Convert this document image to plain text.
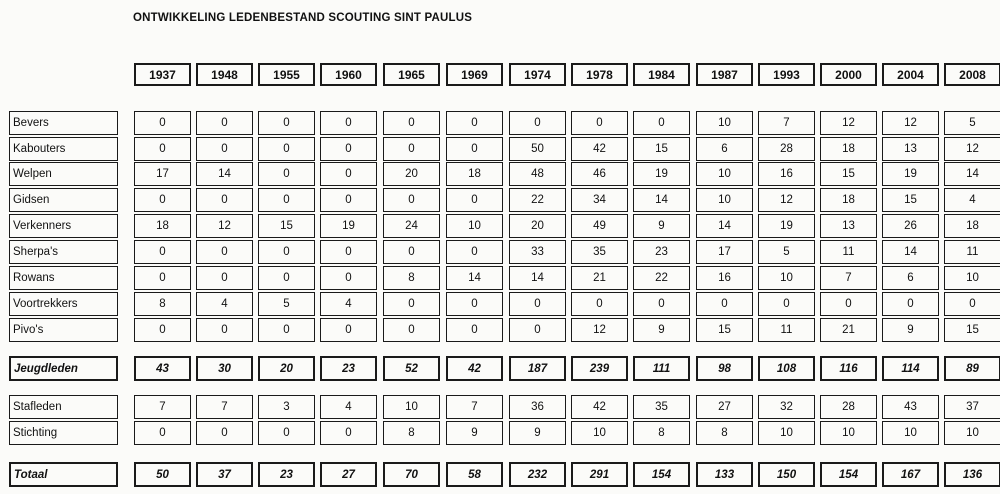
ONTWIKKELING LEDENBESTAND SCOUTING SINT PAULUS
1937	1948	1955	1960	1965	1969	1974	1978	1984	1987	1993	2000	2004	2008
Bevers	0	0	0	0	0	0	0	0	0	10	7	12	12	5
Kabouters	0	0	0	0	0	0	50	42	15	6	28	18	13	12
Welpen	17	14	0	0	20	18	48	46	19	10	16	15	19	14
Gidsen	0	0	0	0	0	0	22	34	14	10	12	18	15	4
Verkenners	18	12	15	19	24	10	20	49	9	14	19	13	26	18
Sherpa's	0	0	0	0	0	0	33	35	23	17	5	11	14	11
Rowans	0	0	0	0	8	14	14	21	22	16	10	7	6	10
Voortrekkers	8	4	5	4	0	0	0	0	0	0	0	0	0	0
Pivo's	0	0	0	0	0	0	0	12	9	15	11	21	9	15
Jeugdleden	43	30	20	23	52	42	187	239	111	98	108	116	114	89
Stafleden	7	7	3	4	10	7	36	42	35	27	32	28	43	37
Stichting	0	0	0	0	8	9	9	10	8	8	10	10	10	10
Totaal	50	37	23	27	70	58	232	291	154	133	150	154	167	136
